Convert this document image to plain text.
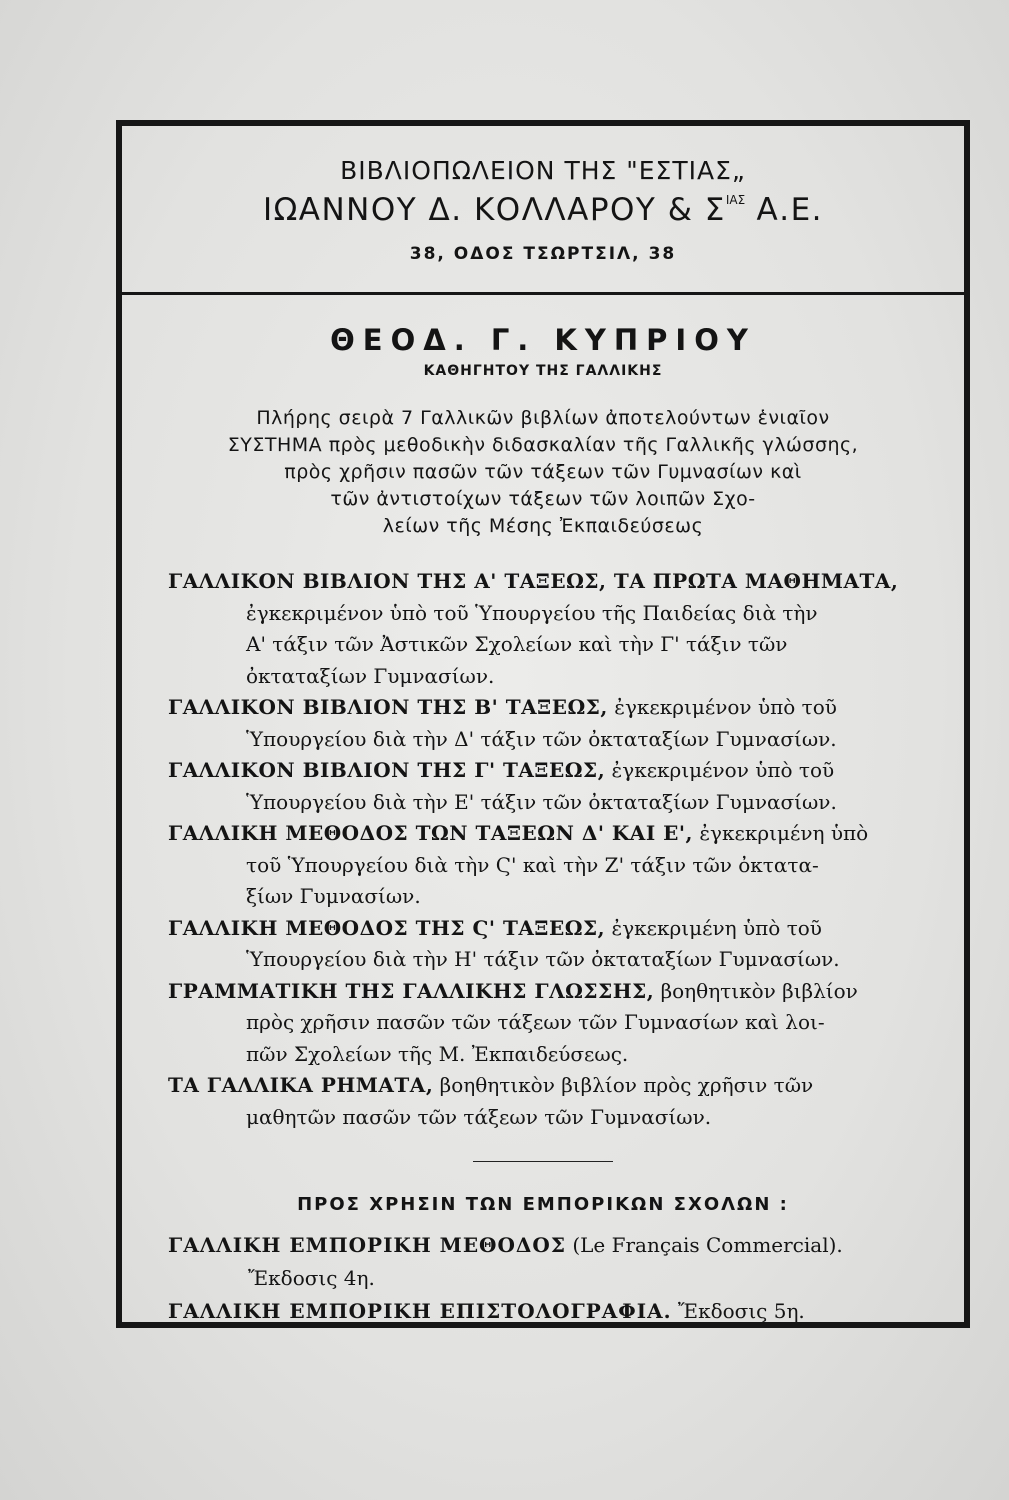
ΒΙΒΛΙΟΠΩΛΕΙΟΝ ΤΗΣ "ΕΣΤΙΑΣ„
ΙΩΑΝΝΟΥ Δ. ΚΟΛΛΑΡΟΥ & $\Sigma^{IA\Sigma}$ Α.Ε.
38, ΟΔΟΣ ΤΣΩΡΤΣΙΛ, 38
ΘΕΟΔ. Γ. ΚΥΠΡΙΟΥ
ΚΑΘΗΓΗΤΟΥ ΤΗΣ ΓΑΛΛΙΚΗΣ
Πλήρης σειρὰ 7 Γαλλικῶν βιβλίων ἀποτελούντων ἑνιαῖον
ΣΥΣΤΗΜΑ πρὸς μεθοδικὴν διδασκαλίαν τῆς Γαλλικῆς γλώσσης,
πρὸς χρῆσιν πασῶν τῶν τάξεων τῶν Γυμνασίων καὶ
τῶν ἀντιστοίχων τάξεων τῶν λοιπῶν Σχο-
λείων τῆς Μέσης Ἐκπαιδεύσεως
ΓΑΛΛΙΚΟΝ ΒΙΒΛΙΟΝ ΤΗΣ Α' ΤΑΞΕΩΣ, ΤΑ ΠΡΩΤΑ ΜΑΘΗΜΑΤΑ,
ἐγκεκριμένον ὑπὸ τοῦ Ὑπουργείου τῆς Παιδείας διὰ τὴν
Α' τάξιν τῶν Ἀστικῶν Σχολείων καὶ τὴν Γ' τάξιν τῶν
ὀκταταξίων Γυμνασίων.
ΓΑΛΛΙΚΟΝ ΒΙΒΛΙΟΝ ΤΗΣ Β' ΤΑΞΕΩΣ, ἐγκεκριμένον ὑπὸ τοῦ
Ὑπουργείου διὰ τὴν Δ' τάξιν τῶν ὀκταταξίων Γυμνασίων.
ΓΑΛΛΙΚΟΝ ΒΙΒΛΙΟΝ ΤΗΣ Γ' ΤΑΞΕΩΣ, ἐγκεκριμένον ὑπὸ τοῦ
Ὑπουργείου διὰ τὴν Ε' τάξιν τῶν ὀκταταξίων Γυμνασίων.
ΓΑΛΛΙΚΗ ΜΕΘΟΔΟΣ ΤΩΝ ΤΑΞΕΩΝ Δ' ΚΑΙ Ε', ἐγκεκριμένη ὑπὸ
τοῦ Ὑπουργείου διὰ τὴν Ϛ' καὶ τὴν Ζ' τάξιν τῶν ὀκτατα-
ξίων Γυμνασίων.
ΓΑΛΛΙΚΗ ΜΕΘΟΔΟΣ ΤΗΣ Ϛ' ΤΑΞΕΩΣ, ἐγκεκριμένη ὑπὸ τοῦ
Ὑπουργείου διὰ τὴν Η' τάξιν τῶν ὀκταταξίων Γυμνασίων.
ΓΡΑΜΜΑΤΙΚΗ ΤΗΣ ΓΑΛΛΙΚΗΣ ΓΛΩΣΣΗΣ, βοηθητικὸν βιβλίον
πρὸς χρῆσιν πασῶν τῶν τάξεων τῶν Γυμνασίων καὶ λοι-
πῶν Σχολείων τῆς Μ. Ἐκπαιδεύσεως.
ΤΑ ΓΑΛΛΙΚΑ ΡΗΜΑΤΑ, βοηθητικὸν βιβλίον πρὸς χρῆσιν τῶν
μαθητῶν πασῶν τῶν τάξεων τῶν Γυμνασίων.
ΠΡΟΣ ΧΡΗΣΙΝ ΤΩΝ ΕΜΠΟΡΙΚΩΝ ΣΧΟΛΩΝ :
ΓΑΛΛΙΚΗ ΕΜΠΟΡΙΚΗ ΜΕΘΟΔΟΣ (Le Français Commercial).
Ἔκδοσις 4η.
ΓΑΛΛΙΚΗ ΕΜΠΟΡΙΚΗ ΕΠΙΣΤΟΛΟΓΡΑΦΙΑ. Ἔκδοσις 5η.
